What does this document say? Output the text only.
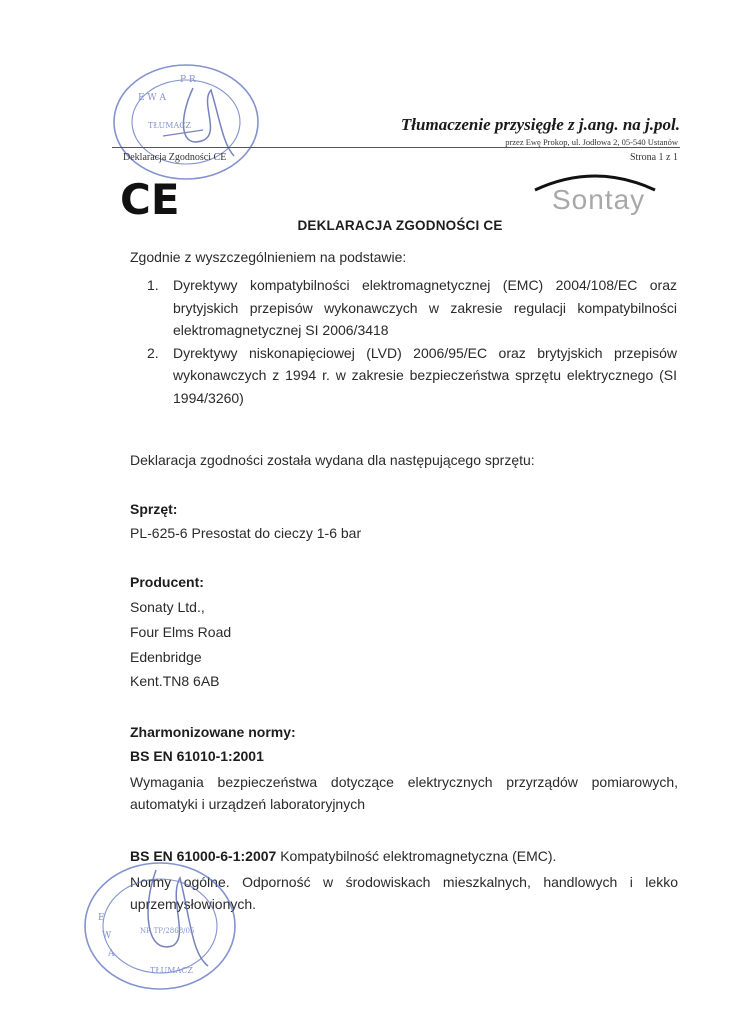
E W A
P R
TŁUMACZ	Tłumaczenie przysięgłe z j.ang. na j.pol.
przez Ewę Prokop, ul. Jodłowa 2, 05-540 Ustanów
Deklaracja Zgodności CE	Strona 1 z 1
CE	Sontay
DEKLARACJA ZGODNOŚCI CE
Zgodnie z wyszczególnieniem na podstawie:
1. Dyrektywy kompatybilności elektromagnetycznej (EMC) 2004/108/EC oraz brytyjskich przepisów wykonawczych w zakresie regulacji kompatybilności elektromagnetycznej SI 2006/3418
2. Dyrektywy niskonapięciowej (LVD) 2006/95/EC oraz brytyjskich przepisów wykonawczych z 1994 r. w zakresie bezpieczeństwa sprzętu elektrycznego (SI 1994/3260)
Deklaracja zgodności została wydana dla następującego sprzętu:
Sprzęt:
PL-625-6 Presostat do cieczy 1-6 bar
Producent:
Sonaty Ltd.,
Four Elms Road
Edenbridge
Kent.TN8 6AB
Zharmonizowane normy:
BS EN 61010-1:2001
Wymagania bezpieczeństwa dotyczące elektrycznych przyrządów pomiarowych, automatyki i urządzeń laboratoryjnych
BS EN 61000-6-1:2007 Kompatybilność elektromagnetyczna (EMC).
Normy ogólne. Odporność w środowiskach mieszkalnych, handlowych i lekko uprzemysłowionych.
E
W
A
TŁUMACZ
NR TP/2868/05
